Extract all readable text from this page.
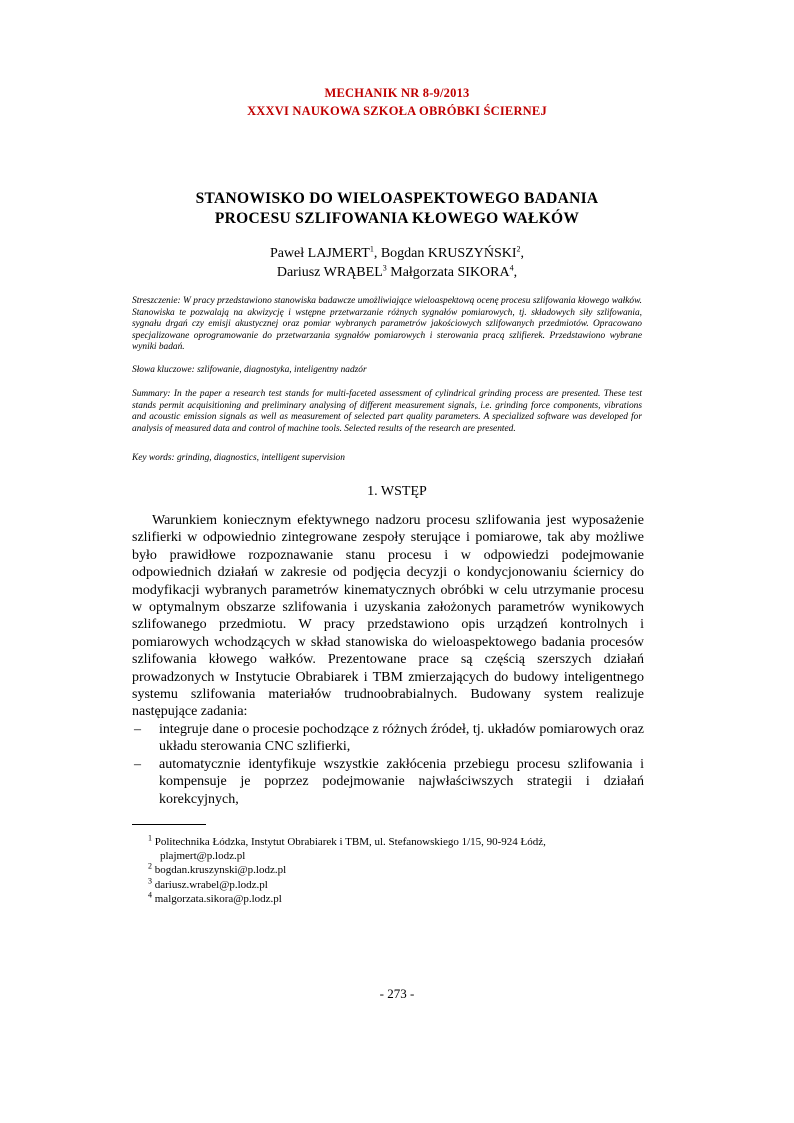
MECHANIK NR 8-9/2013
XXXVI NAUKOWA SZKOŁA OBRÓBKI ŚCIERNEJ
STANOWISKO DO WIELOASPEKTOWEGO BADANIA
PROCESU SZLIFOWANIA KŁOWEGO WAŁKÓW
Paweł LAJMERT$^1$, Bogdan KRUSZYŃSKI$^2$,
Dariusz WRĄBEL$^3$ Małgorzata SIKORA$^4$,
Streszczenie: W pracy przedstawiono stanowiska badawcze umożliwiające wieloaspektową ocenę procesu szlifowania kłowego wałków. Stanowiska te pozwalają na akwizycję i wstępne przetwarzanie różnych sygnałów pomiarowych, tj. składowych siły szlifowania, sygnału drgań czy emisji akustycznej oraz pomiar wybranych parametrów jakościowych szlifowanych przedmiotów. Opracowano specjalizowane oprogramowanie do przetwarzania sygnałów pomiarowych i sterowania pracą szlifierek. Przedstawiono wybrane wyniki badań.
Słowa kluczowe: szlifowanie, diagnostyka, inteligentny nadzór
Summary: In the paper a research test stands for multi-faceted assessment of cylindrical grinding process are presented. These test stands permit acquisitioning and preliminary analysing of different measurement signals, i.e. grinding force components, vibrations and acoustic emission signals as well as measurement of selected part quality parameters. A specialized software was developed for analysis of measured data and control of machine tools. Selected results of the research are presented.
Key words: grinding, diagnostics, intelligent supervision
1. WSTĘP

Warunkiem koniecznym efektywnego nadzoru procesu szlifowania jest wyposażenie szlifierki w odpowiednio zintegrowane zespoły sterujące i pomiarowe, tak aby możliwe było prawidłowe rozpoznawanie stanu procesu i w odpowiedzi podejmowanie odpowiednich działań w zakresie od podjęcia decyzji o kondycjonowaniu ściernicy do modyfikacji wybranych parametrów kinematycznych obróbki w celu utrzymanie procesu w optymalnym obszarze szlifowania i uzyskania założonych parametrów wynikowych szlifowanego przedmiotu. W pracy przedstawiono opis urządzeń kontrolnych i pomiarowych wchodzących w skład stanowiska do wieloaspektowego badania procesów szlifowania kłowego wałków. Prezentowane prace są częścią szerszych działań prowadzonych w Instytucie Obrabiarek i TBM zmierzających do budowy inteligentnego systemu szlifowania materiałów trudnoobrabialnych. Budowany system realizuje następujące zadania:

– integruje dane o procesie pochodzące z różnych źródeł, tj. układów pomiarowych oraz układu sterowania CNC szlifierki,
– automatycznie identyfikuje wszystkie zakłócenia przebiegu procesu szlifowania i kompensuje je poprzez podejmowanie najwłaściwszych strategii i działań korekcyjnych,
$^1$ Politechnika Łódzka, Instytut Obrabiarek i TBM, ul. Stefanowskiego 1/15, 90-924 Łódź,
plajmert@p.lodz.pl
$^2$ bogdan.kruszynski@p.lodz.pl
$^3$ dariusz.wrabel@p.lodz.pl
$^4$ malgorzata.sikora@p.lodz.pl
- 273 -
